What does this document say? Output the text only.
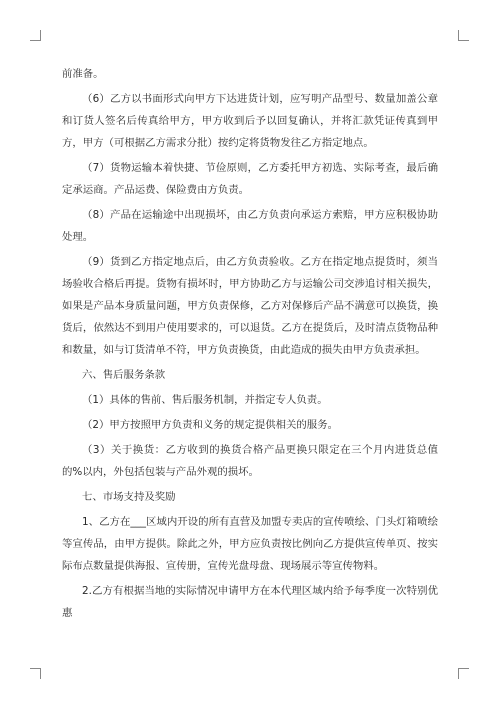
前准备。

（6）乙方以书面形式向甲方下达进货计划，应写明产品型号、数量加盖公章和订货人签名后传真给甲方，甲方收到后予以回复确认，并将汇款凭证传真到甲方，甲方（可根据乙方需求分批）按约定将货物发往乙方指定地点。

（7）货物运输本着快捷、节俭原则，乙方委托甲方初选、实际考查，最后确定承运商。产品运费、保险费由方负责。

（8）产品在运输途中出现损坏，由乙方负责向承运方索赔，甲方应积极协助处理。

（9）货到乙方指定地点后，由乙方负责验收。乙方在指定地点提货时，须当场验收合格后再提。货物有损坏时，甲方协助乙方与运输公司交涉追讨相关损失，如果是产品本身质量问题，甲方负责保修，乙方对保修后产品不满意可以换货，换货后，依然达不到用户使用要求的，可以退货。乙方在提货后，及时清点货物品种和数量，如与订货清单不符，甲方负责换货，由此造成的损失由甲方负责承担。

六、售后服务条款

（1）具体的售前、售后服务机制，并指定专人负责。

（2）甲方按照甲方负责和义务的规定提供相关的服务。

（3）关于换货：乙方收到的换货合格产品更换只限定在三个月内进货总值的%以内，外包括包装与产品外观的损坏。

七、市场支持及奖励

1、乙方在___区域内开设的所有直营及加盟专卖店的宣传喷绘、门头灯箱喷绘等宣传品，由甲方提供。除此之外，甲方应负责按比例向乙方提供宣传单页、按实际布点数量提供海报、宣传册，宣传光盘母盘、现场展示等宣传物料。

2.乙方有根据当地的实际情况申请甲方在本代理区域内给予每季度一次特别优惠
